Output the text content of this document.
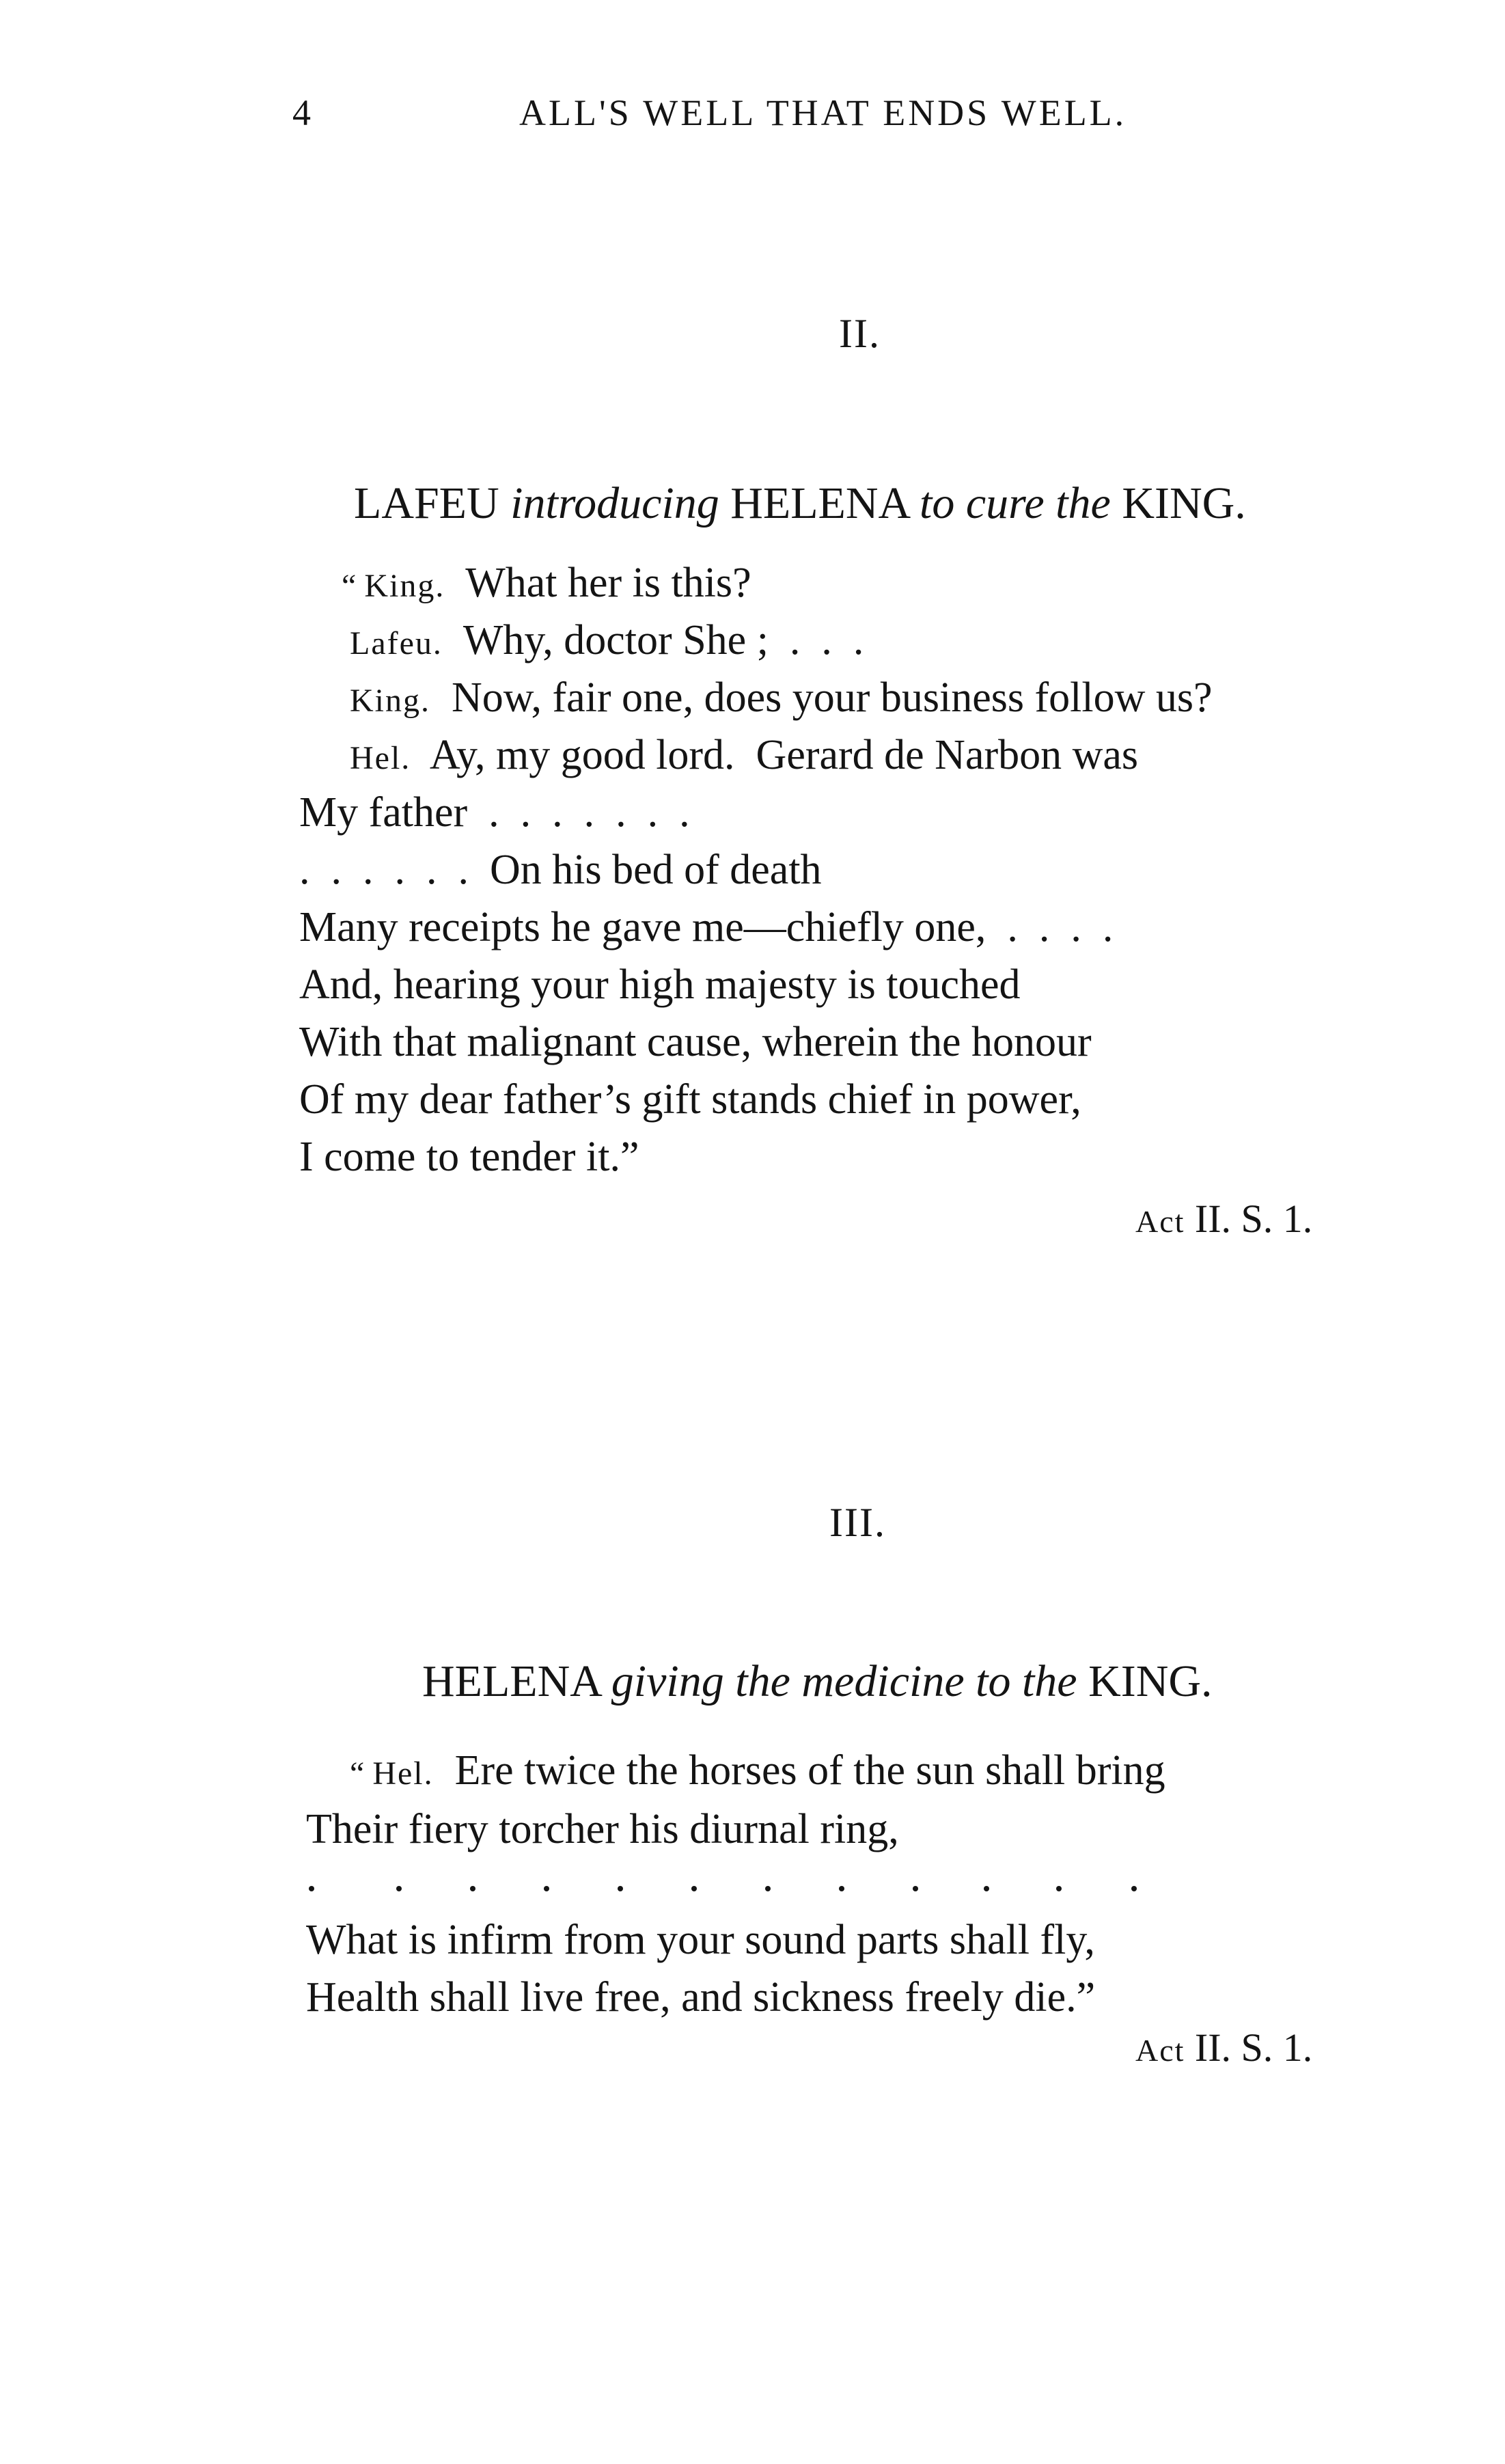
4	ALL'S WELL THAT ENDS WELL.
II.

LAFEU introducing HELENA to cure the KING.

“ King. What her is this?
Lafeu. Why, doctor She ;  .  .  .
King. Now, fair one, does your business follow us?
Hel. Ay, my good lord.  Gerard de Narbon was
My father  .  .  .  .  .  .  .
.  .  .  .  .  .  On his bed of death
Many receipts he gave me—chiefly one,  .  .  .  .
And, hearing your high majesty is touched
With that malignant cause, wherein the honour
Of my dear father’s gift stands chief in power,
I come to tender it.”
Act II. S. 1.
III.

HELENA giving the medicine to the KING.

“ Hel. Ere twice the horses of the sun shall bring
Their fiery torcher his diurnal ring,
What is infirm from your sound parts shall fly,
Health shall live free, and sickness freely die.”
Act II. S. 1.
